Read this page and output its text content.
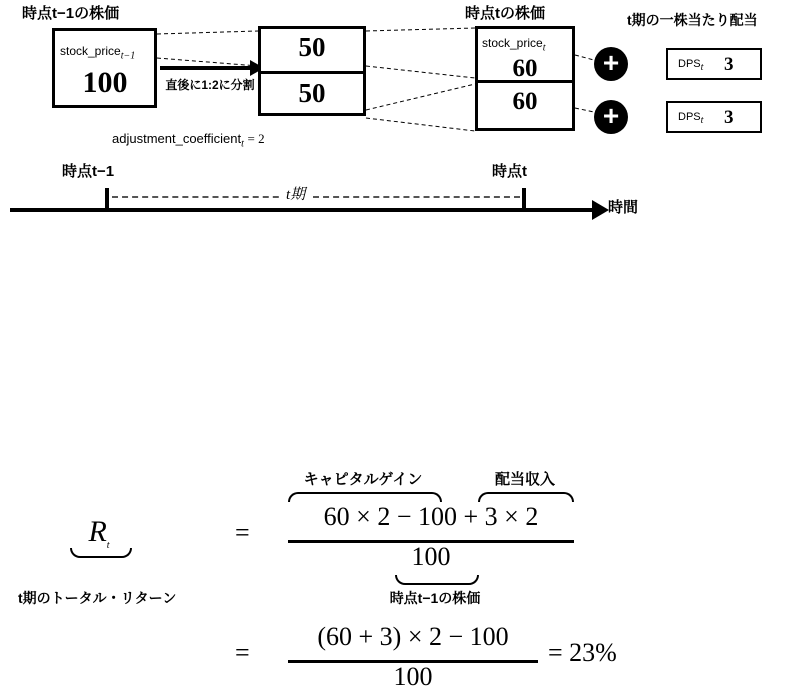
時点t−1の株価	時点tの株価	t期の一株当たり配当
stock_price$_{t-1}$
100	直後に1:2に分割
adjustment_coefficient$_t$ = 2
50
50
stock_price$_t$
60
60
+
+
DPSt 3
DPSt 3
時点t−1	時点t
t期
時間
キャピタルゲイン	配当収入
$R_t$
t期のトータル・リターン
=
60 × 2 − 100 + 3 × 2
100
時点t−1の株価
=
(60 + 3) × 2 − 100
100
= 23%
